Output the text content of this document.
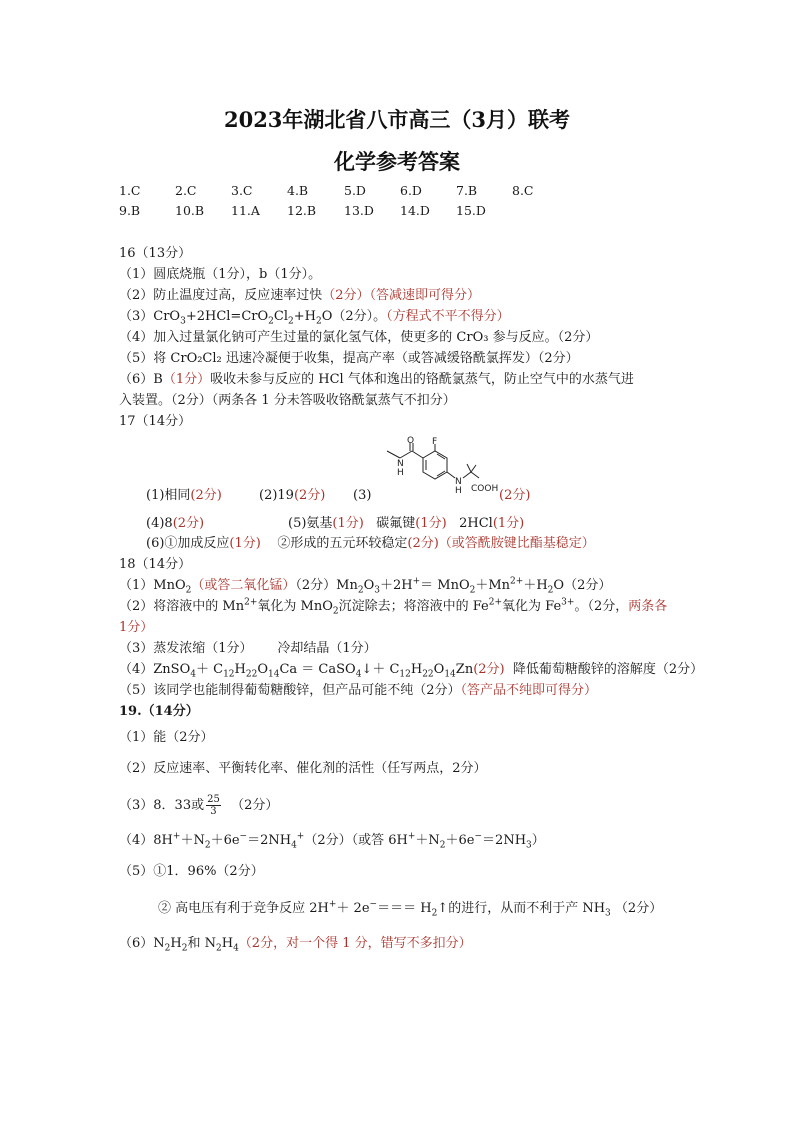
2023年湖北省八市高三（3月）联考
化学参考答案
1.C	2.C	3.C	4.B	5.D	6.D	7.B	8.C
9.B	10.B 11.A 12.B 13.D 14.D 15.D
16（13分）
（1）圆底烧瓶（1分），b（1分）。
（2）防止温度过高，反应速率过快（2分）（答减速即可得分）
$(3)CrO_3+2HCl=CrO_2Cl_2+H_2O(2$分）。（方程式不平不得分）
（4）加入过量氯化钠可产生过量的氯化氢气体，使更多的 CrO₃ 参与反应。（2分）
（5）将 CrO₂Cl₂ 迅速冷凝便于收集，提高产率（或答减缓铬酰氯挥发）（2分）
（6）B（1分）吸收未参与反应的 HCl 气体和逸出的铬酰氯蒸气，防止空气中的水蒸气进
入装置。（2分）（两条各 1 分未答吸收铬酰氯蒸气不扣分）
17（14分）
O F
N
H
N
H COOH
(1)相同(2分)	(2)19(2分) (3)	(2分)
(4)8(2分)	(5)氨基(1分) 碳氟键(1分) 2HCl(1分)
(6)①加成反应(1分) ②形成的五元环较稳定(2分)（或答酰胺键比酯基稳定）
18（14分）
（1）MnO$_2$（或答二氧化锰）（2分）$Mn_2O_3+2H^+= MnO_2+Mn^{2+}+H_2O(2$分）
（2）将溶液中的 $Mn^{2+}$氧化为 MnO$_2$沉淀除去；将溶液中的 $Fe^{2+}$氧化为 $Fe^{3+}$。（2分，两条各
1分）
（3）蒸发浓缩（1分） 冷却结晶（1分）
（4）ZnSO$_4$＋ $C_{12}H_{22}O_{14}Ca$ ＝ CaSO$_4$↓＋ $C_{12}H_{22}O_{14}Zn(2$分) 降低葡萄糖酸锌的溶解度（2分）
（5）该同学也能制得葡萄糖酸锌，但产品可能不纯（2分）（答产品不纯即可得分）
19.（14分）
（1）能（2分）
（2）反应速率、平衡转化率、催化剂的活性（任写两点，2分）
（3）8．33或 $\frac{25}{3} (2$分）
$(4)8H^++N_2+6e^-=2NH_4^+(2$分）（或答 $6H^++N_2+6e^-=2NH_3$）
（5）①1．96%（2分）
② 高电压有利于竞争反应 $2H^++ 2e^-=== H_2↑$的进行，从而不利于产 $NH_3$ （2分）
$(6)N_2H_2$和 $N_2H_4(2$分，对一个得 1 分，错写不多扣分）
